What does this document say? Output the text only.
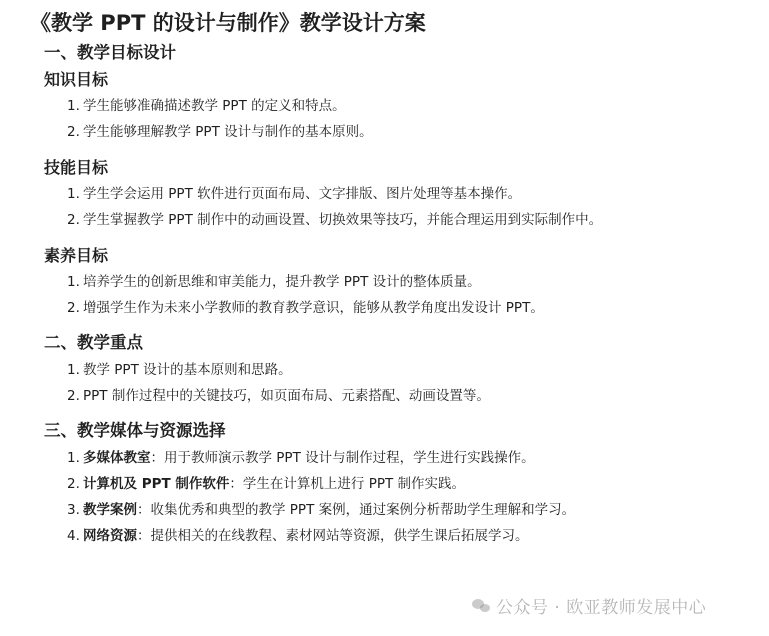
《教学 PPT 的设计与制作》教学设计方案
一、教学目标设计
知识目标
1. 学生能够准确描述教学 PPT 的定义和特点。
2. 学生能够理解教学 PPT 设计与制作的基本原则。
技能目标
1. 学生学会运用 PPT 软件进行页面布局、文字排版、图片处理等基本操作。
2. 学生掌握教学 PPT 制作中的动画设置、切换效果等技巧，并能合理运用到实际制作中。
素养目标
1. 培养学生的创新思维和审美能力，提升教学 PPT 设计的整体质量。
2. 增强学生作为未来小学教师的教育教学意识，能够从教学角度出发设计 PPT。
二、教学重点
1. 教学 PPT 设计的基本原则和思路。
2. PPT 制作过程中的关键技巧，如页面布局、元素搭配、动画设置等。
三、教学媒体与资源选择
1. 多媒体教室：用于教师演示教学 PPT 设计与制作过程，学生进行实践操作。
2. 计算机及 PPT 制作软件：学生在计算机上进行 PPT 制作实践。
3. 教学案例：收集优秀和典型的教学 PPT 案例，通过案例分析帮助学生理解和学习。
4. 网络资源：提供相关的在线教程、素材网站等资源，供学生课后拓展学习。
公众号 · 欧亚教师发展中心
